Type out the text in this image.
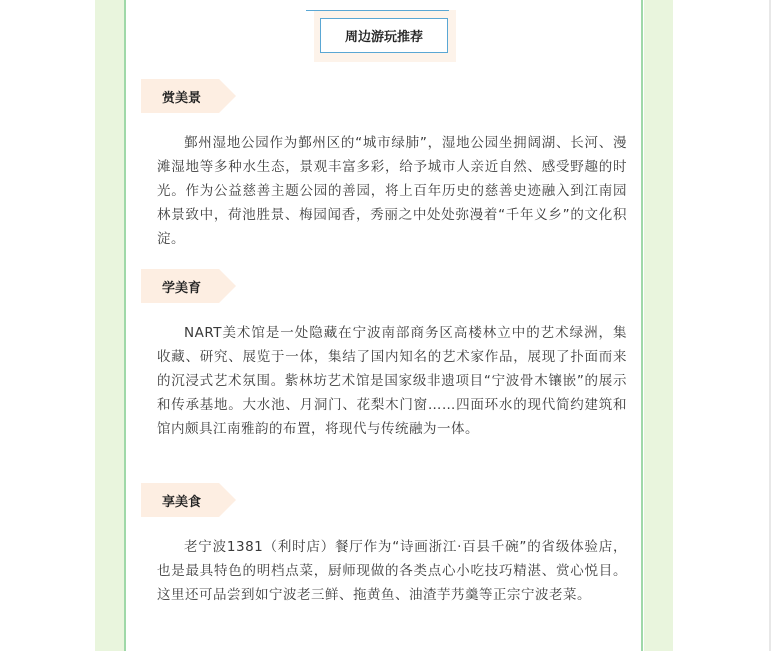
周边游玩推荐
赏美景

鄞州湿地公园作为鄞州区的“城市绿肺”，湿地公园坐拥阔湖、长河、漫滩湿地等多种水生态，景观丰富多彩，给予城市人亲近自然、感受野趣的时光。作为公益慈善主题公园的善园，将上百年历史的慈善史迹融入到江南园林景致中，荷池胜景、梅园闻香，秀丽之中处处弥漫着“千年义乡”的文化积淀。

学美育

NART美术馆是一处隐藏在宁波南部商务区高楼林立中的艺术绿洲，集收藏、研究、展览于一体，集结了国内知名的艺术家作品，展现了扑面而来的沉浸式艺术氛围。紫林坊艺术馆是国家级非遗项目“宁波骨木镶嵌”的展示和传承基地。大水池、月洞门、花梨木门窗……四面环水的现代简约建筑和馆内颇具江南雅韵的布置，将现代与传统融为一体。

享美食

老宁波1381（利时店）餐厅作为“诗画浙江·百县千碗”的省级体验店，也是最具特色的明档点菜，厨师现做的各类点心小吃技巧精湛、赏心悦目。这里还可品尝到如宁波老三鲜、拖黄鱼、油渣芋艿羹等正宗宁波老菜。
